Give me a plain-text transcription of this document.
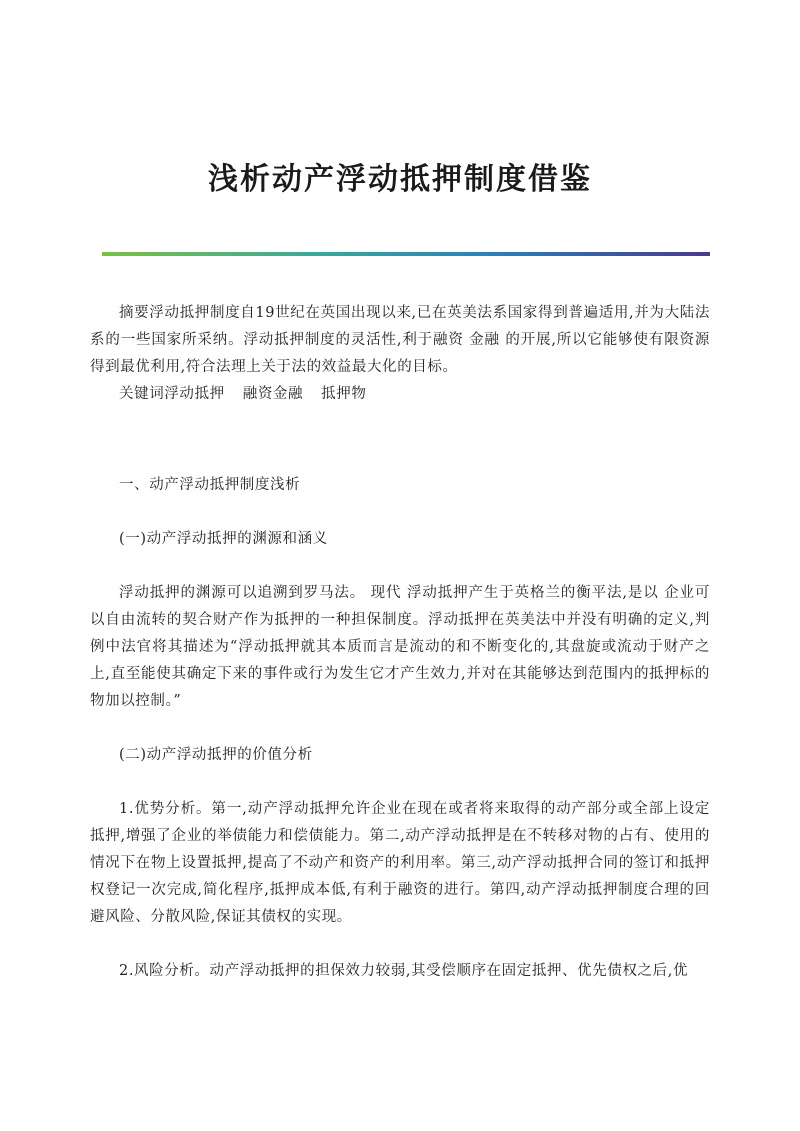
浅析动产浮动抵押制度借鉴

摘要浮动抵押制度自19世纪在英国出现以来,已在英美法系国家得到普遍适用,并为大陆法系的一些国家所采纳。浮动抵押制度的灵活性,利于融资 金融 的开展,所以它能够使有限资源得到最优利用,符合法理上关于法的效益最大化的目标。

关键词浮动抵押 融资金融 抵押物

一、动产浮动抵押制度浅析

(一)动产浮动抵押的渊源和涵义

浮动抵押的渊源可以追溯到罗马法。 现代 浮动抵押产生于英格兰的衡平法,是以 企业可以自由流转的契合财产作为抵押的一种担保制度。浮动抵押在英美法中并没有明确的定义,判例中法官将其描述为“浮动抵押就其本质而言是流动的和不断变化的,其盘旋或流动于财产之上,直至能使其确定下来的事件或行为发生它才产生效力,并对在其能够达到范围内的抵押标的物加以控制。”

(二)动产浮动抵押的价值分析

1.优势分析。第一,动产浮动抵押允许企业在现在或者将来取得的动产部分或全部上设定抵押,增强了企业的举债能力和偿债能力。第二,动产浮动抵押是在不转移对物的占有、使用的情况下在物上设置抵押,提高了不动产和资产的利用率。第三,动产浮动抵押合同的签订和抵押权登记一次完成,简化程序,抵押成本低,有利于融资的进行。第四,动产浮动抵押制度合理的回避风险、分散风险,保证其债权的实现。

2.风险分析。动产浮动抵押的担保效力较弱,其受偿顺序在固定抵押、优先债权之后,优
